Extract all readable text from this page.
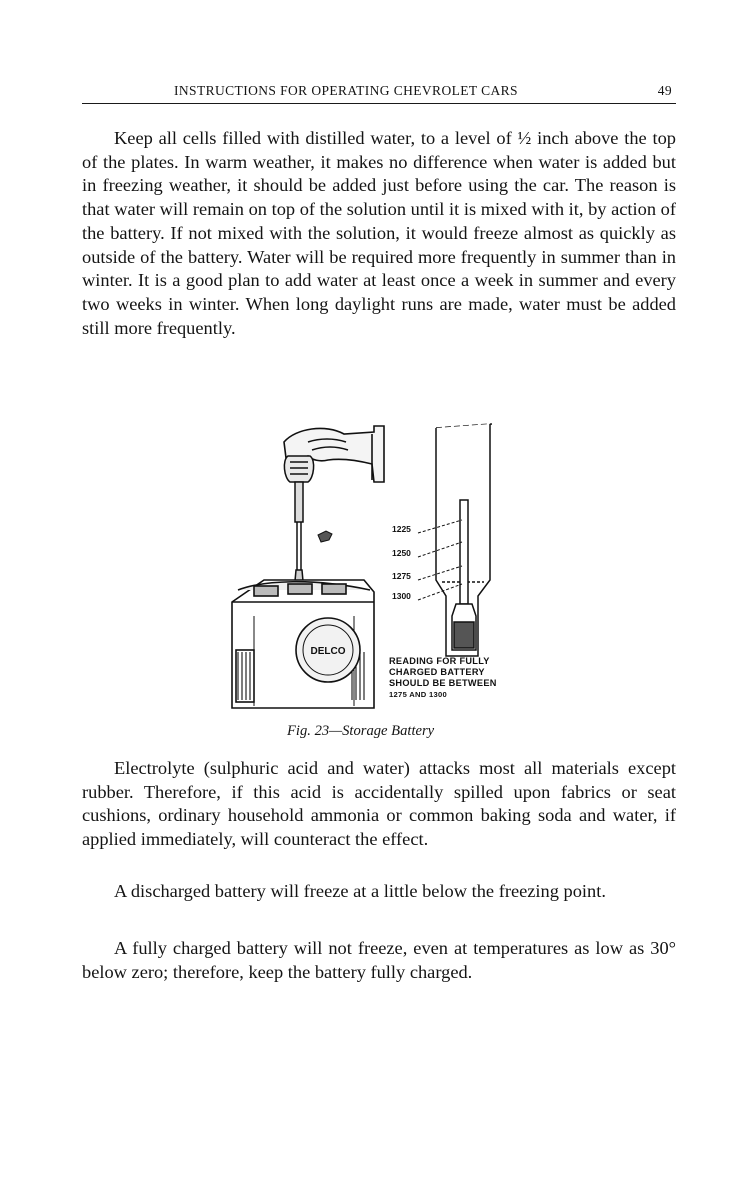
INSTRUCTIONS FOR OPERATING CHEVROLET CARS	49

Keep all cells filled with distilled water, to a level of ½ inch above the top of the plates. In warm weather, it makes no difference when water is added but in freezing weather, it should be added just before using the car. The reason is that water will remain on top of the solution until it is mixed with it, by action of the battery. If not mixed with the solution, it would freeze almost as quickly as outside of the battery. Water will be required more frequently in summer than in winter. It is a good plan to add water at least once a week in summer and every two weeks in winter. When long daylight runs are made, water must be added still more frequently.

DELCO
1225
1250
1275
1300
READING FOR FULLY
CHARGED BATTERY
SHOULD BE BETWEEN
1275 AND 1300
Fig. 23—Storage Battery

Electrolyte (sulphuric acid and water) attacks most all materials except rubber. Therefore, if this acid is accidentally spilled upon fabrics or seat cushions, ordinary household ammonia or common baking soda and water, if applied immediately, will counteract the effect.

A discharged battery will freeze at a little below the freezing point.

A fully charged battery will not freeze, even at temperatures as low as 30° below zero; therefore, keep the battery fully charged.
